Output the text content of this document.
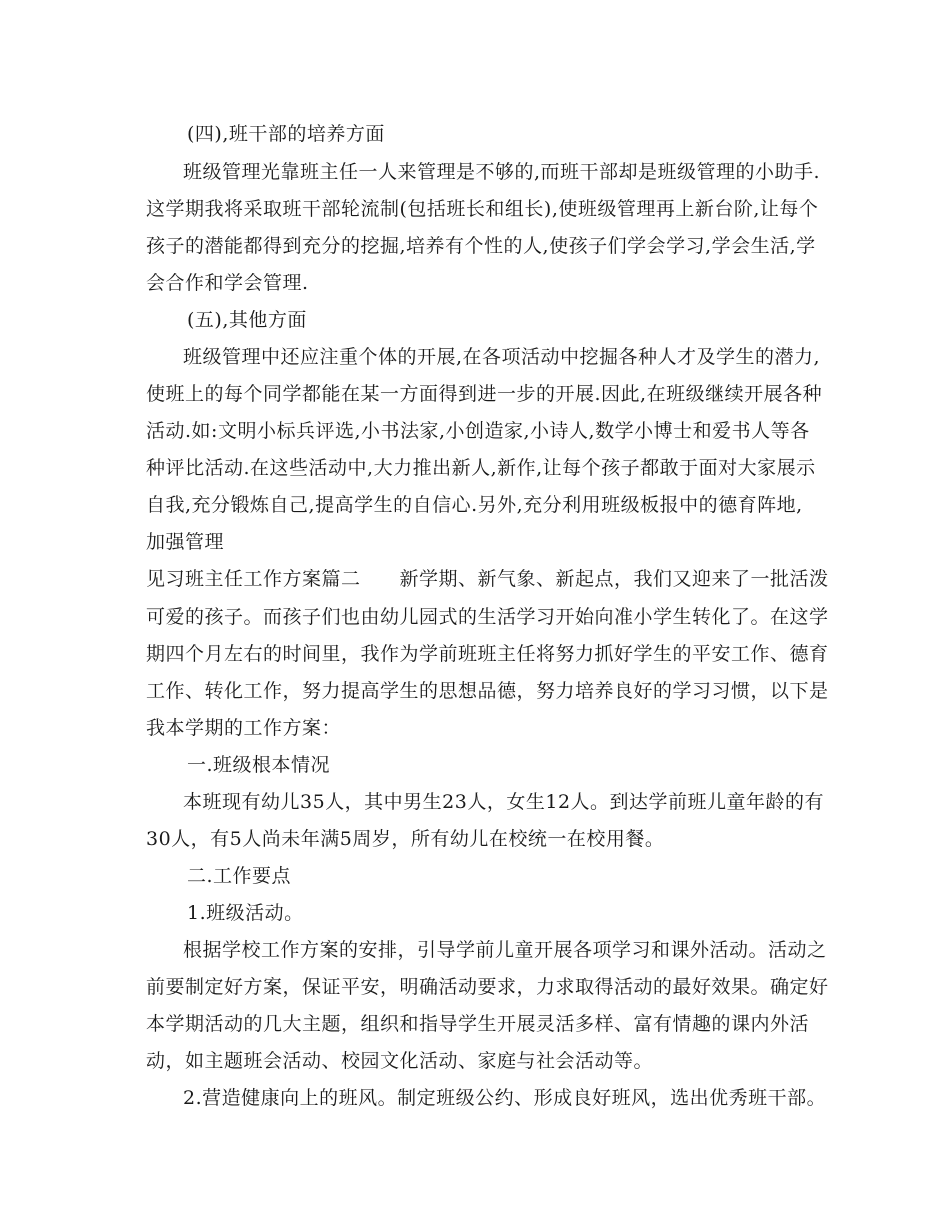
(四),班干部的培养方面
班级管理光靠班主任一人来管理是不够的,而班干部却是班级管理的小助手.
这学期我将采取班干部轮流制(包括班长和组长),使班级管理再上新台阶,让每个
孩子的潜能都得到充分的挖掘,培养有个性的人,使孩子们学会学习,学会生活,学
会合作和学会管理.
(五),其他方面
班级管理中还应注重个体的开展,在各项活动中挖掘各种人才及学生的潜力,
使班上的每个同学都能在某一方面得到进一步的开展.因此,在班级继续开展各种
活动.如:文明小标兵评选,小书法家,小创造家,小诗人,数学小博士和爱书人等各
种评比活动.在这些活动中,大力推出新人,新作,让每个孩子都敢于面对大家展示
自我,充分锻炼自己,提高学生的自信心.另外,充分利用班级板报中的德育阵地,
加强管理
见习班主任工作方案篇二　　新学期、新气象、新起点，我们又迎来了一批活泼
可爱的孩子。而孩子们也由幼儿园式的生活学习开始向准小学生转化了。在这学
期四个月左右的时间里，我作为学前班班主任将努力抓好学生的平安工作、德育
工作、转化工作，努力提高学生的思想品德，努力培养良好的学习习惯，以下是
我本学期的工作方案：
一.班级根本情况
本班现有幼儿35人，其中男生23人，女生12人。到达学前班儿童年龄的有
30人，有5人尚未年满5周岁，所有幼儿在校统一在校用餐。
二.工作要点
1.班级活动。
根据学校工作方案的安排，引导学前儿童开展各项学习和课外活动。活动之
前要制定好方案，保证平安，明确活动要求，力求取得活动的最好效果。确定好
本学期活动的几大主题，组织和指导学生开展灵活多样、富有情趣的课内外活
动，如主题班会活动、校园文化活动、家庭与社会活动等。
2.营造健康向上的班风。制定班级公约、形成良好班风，选出优秀班干部。
